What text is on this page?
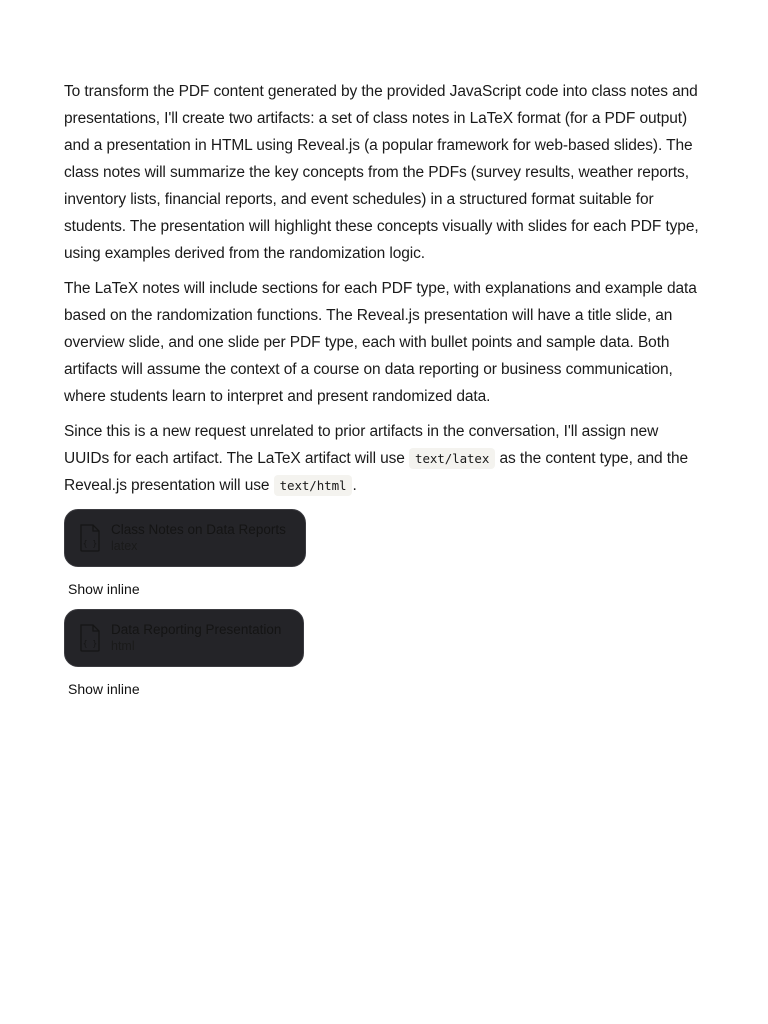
To transform the PDF content generated by the provided JavaScript code into class notes and presentations, I'll create two artifacts: a set of class notes in LaTeX format (for a PDF output) and a presentation in HTML using Reveal.js (a popular framework for web-based slides). The class notes will summarize the key concepts from the PDFs (survey results, weather reports, inventory lists, financial reports, and event schedules) in a structured format suitable for students. The presentation will highlight these concepts visually with slides for each PDF type, using examples derived from the randomization logic.

The LaTeX notes will include sections for each PDF type, with explanations and example data based on the randomization functions. The Reveal.js presentation will have a title slide, an overview slide, and one slide per PDF type, each with bullet points and sample data. Both artifacts will assume the context of a course on data reporting or business communication, where students learn to interpret and present randomized data.

Since this is a new request unrelated to prior artifacts in the conversation, I'll assign new UUIDs for each artifact. The LaTeX artifact will use text/latex as the content type, and the Reveal.js presentation will use text/html .

{ }
Class Notes on Data Reports
latex
Show inline
{ }
Data Reporting Presentation
html
Show inline
